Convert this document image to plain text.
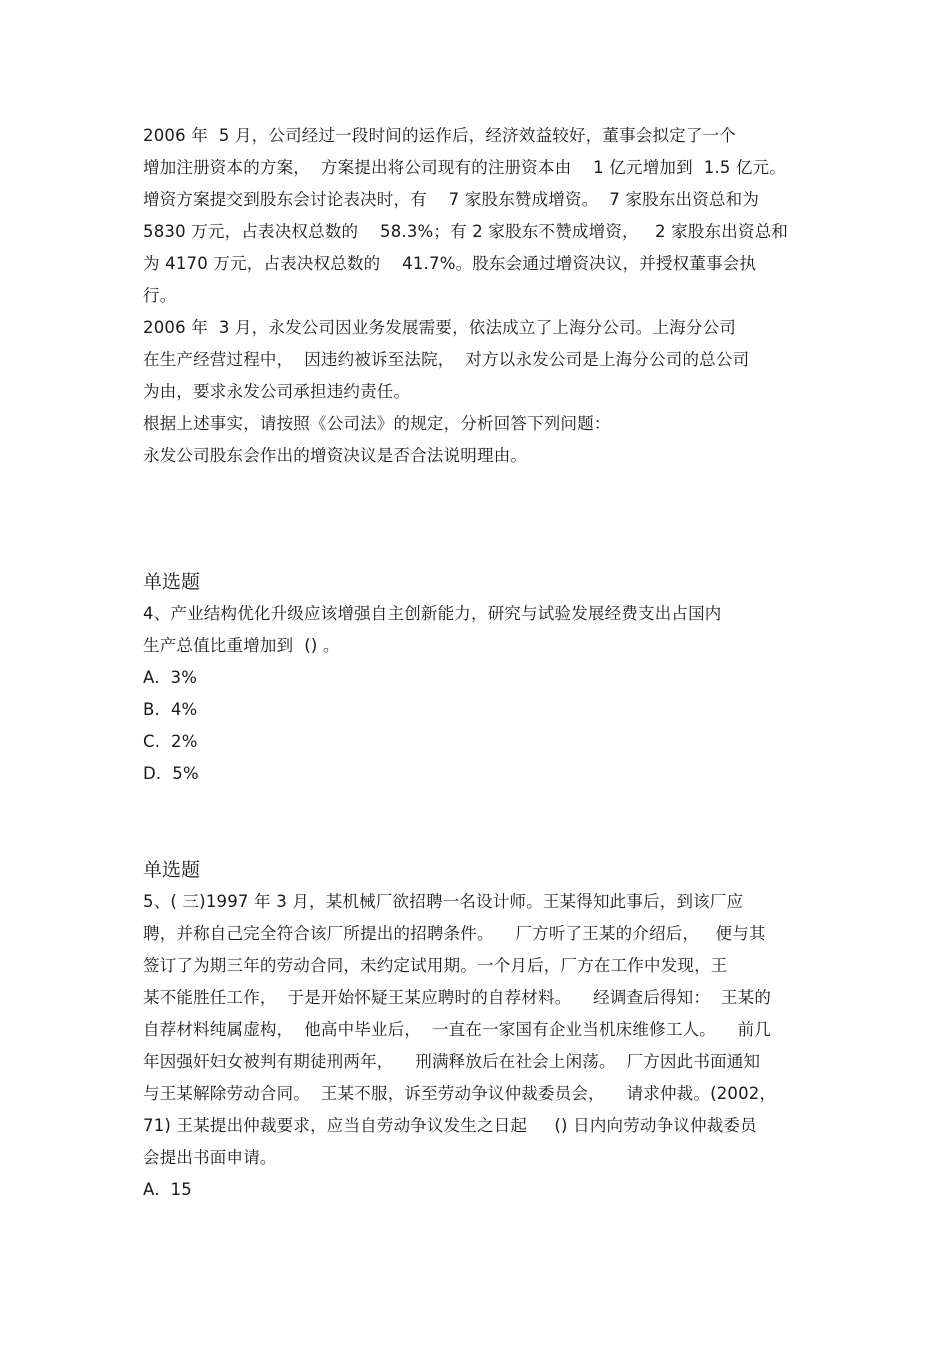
2006 年  5 月，公司经过一段时间的运作后，经济效益较好，董事会拟定了一个
增加注册资本的方案，  方案提出将公司现有的注册资本由    1 亿元增加到  1.5 亿元。
增资方案提交到股东会讨论表决时，有    7 家股东赞成增资。  7 家股东出资总和为
5830 万元，占表决权总数的    58.3%；有 2 家股东不赞成增资，   2 家股东出资总和
为 4170 万元，占表决权总数的    41.7%。股东会通过增资决议，并授权董事会执
行。
2006 年  3 月，永发公司因业务发展需要，依法成立了上海分公司。上海分公司
在生产经营过程中，  因违约被诉至法院，  对方以永发公司是上海分公司的总公司
为由，要求永发公司承担违约责任。
根据上述事实，请按照《公司法》的规定，分析回答下列问题：
永发公司股东会作出的增资决议是否合法说明理由。
单选题
4、产业结构优化升级应该增强自主创新能力，研究与试验发展经费支出占国内
生产总值比重增加到  () 。
A.  3%
B.  4%
C.  2%
D.  5%
单选题
5、( 三)1997 年 3 月，某机械厂欲招聘一名设计师。王某得知此事后，到该厂应
聘，并称自己完全符合该厂所提出的招聘条件。    厂方听了王某的介绍后，   便与其
签订了为期三年的劳动合同，未约定试用期。一个月后，厂方在工作中发现，王
某不能胜任工作，  于是开始怀疑王某应聘时的自荐材料。    经调查后得知：  王某的
自荐材料纯属虚构，  他高中毕业后，  一直在一家国有企业当机床维修工人。    前几
年因强奸妇女被判有期徒刑两年，    刑满释放后在社会上闲荡。  厂方因此书面通知
与王某解除劳动合同。  王某不服，诉至劳动争议仲裁委员会，    请求仲裁。(2002，
71) 王某提出仲裁要求，应当自劳动争议发生之日起     () 日内向劳动争议仲裁委员
会提出书面申请。
A.  15
